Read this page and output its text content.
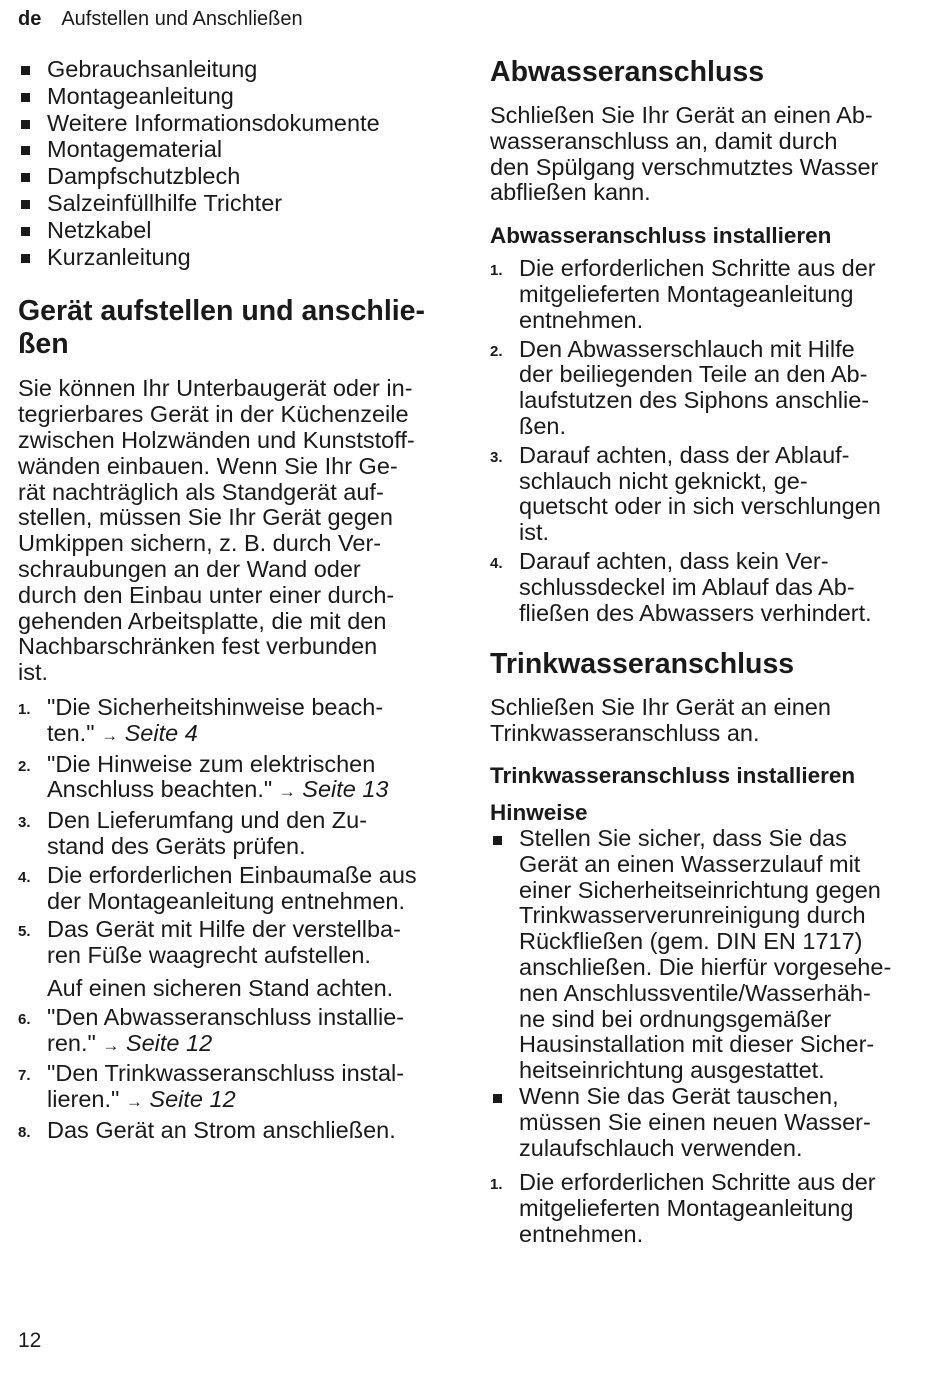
de Aufstellen und Anschließen
Gebrauchsanleitung
Montageanleitung
Weitere Informationsdokumente
Montagematerial
Dampfschutzblech
Salzeinfüllhilfe Trichter
Netzkabel
Kurzanleitung
Gerät aufstellen und anschlie-
ßen
Sie können Ihr Unterbaugerät oder in-
tegrierbares Gerät in der Küchenzeile
zwischen Holzwänden und Kunststoff-
wänden einbauen. Wenn Sie Ihr Ge-
rät nachträglich als Standgerät auf-
stellen, müssen Sie Ihr Gerät gegen
Umkippen sichern, z. B. durch Ver-
schraubungen an der Wand oder
durch den Einbau unter einer durch-
gehenden Arbeitsplatte, die mit den
Nachbarschränken fest verbunden
ist.
1. "Die Sicherheitshinweise beach-
ten." → Seite 4
2. "Die Hinweise zum elektrischen
Anschluss beachten." → Seite 13
3. Den Lieferumfang und den Zu-
stand des Geräts prüfen.
4. Die erforderlichen Einbaumaße aus
der Montageanleitung entnehmen.
5. Das Gerät mit Hilfe der verstellba-
ren Füße waagrecht aufstellen.
Auf einen sicheren Stand achten.
6. "Den Abwasseranschluss installie-
ren." → Seite 12
7. "Den Trinkwasseranschluss instal-
lieren." → Seite 12
8. Das Gerät an Strom anschließen.
Abwasseranschluss
Schließen Sie Ihr Gerät an einen Ab-
wasseranschluss an, damit durch
den Spülgang verschmutztes Wasser
abfließen kann.
Abwasseranschluss installieren
1. Die erforderlichen Schritte aus der
mitgelieferten Montageanleitung
entnehmen.
2. Den Abwasserschlauch mit Hilfe
der beiliegenden Teile an den Ab-
laufstutzen des Siphons anschlie-
ßen.
3. Darauf achten, dass der Ablauf-
schlauch nicht geknickt, ge-
quetscht oder in sich verschlungen
ist.
4. Darauf achten, dass kein Ver-
schlussdeckel im Ablauf das Ab-
fließen des Abwassers verhindert.
Trinkwasseranschluss
Schließen Sie Ihr Gerät an einen
Trinkwasseranschluss an.
Trinkwasseranschluss installieren
Hinweise
Stellen Sie sicher, dass Sie das
Gerät an einen Wasserzulauf mit
einer Sicherheitseinrichtung gegen
Trinkwasserverunreinigung durch
Rückfließen (gem. DIN EN 1717)
anschließen. Die hierfür vorgesehe-
nen Anschlussventile/Wasserhäh-
ne sind bei ordnungsgemäßer
Hausinstallation mit dieser Sicher-
heitseinrichtung ausgestattet.
Wenn Sie das Gerät tauschen,
müssen Sie einen neuen Wasser-
zulaufschlauch verwenden.
1. Die erforderlichen Schritte aus der
mitgelieferten Montageanleitung
entnehmen.
12
